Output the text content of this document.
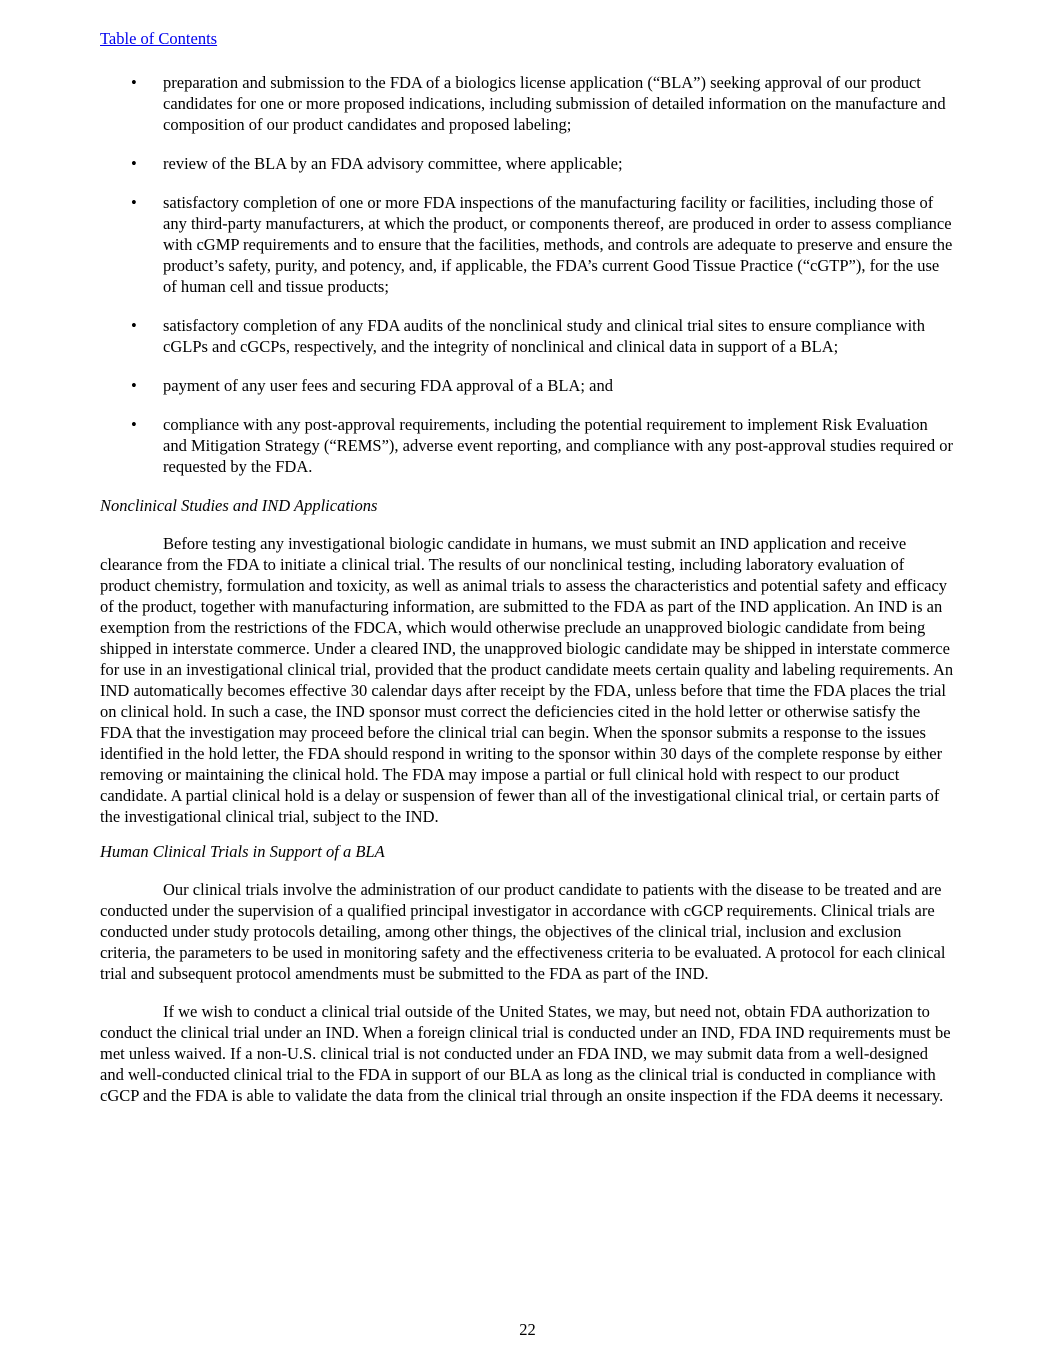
Table of Contents
•
preparation and submission to the FDA of a biologics license application (“BLA”) seeking approval of our product candidates for one or more proposed indications, including submission of detailed information on the manufacture and composition of our product candidates and proposed labeling;
•
review of the BLA by an FDA advisory committee, where applicable;
•
satisfactory completion of one or more FDA inspections of the manufacturing facility or facilities, including those of any third-party manufacturers, at which the product, or components thereof, are produced in order to assess compliance with cGMP requirements and to ensure that the facilities, methods, and controls are adequate to preserve and ensure the product’s safety, purity, and potency, and, if applicable, the FDA’s current Good Tissue Practice (“cGTP”), for the use of human cell and tissue products;
•
satisfactory completion of any FDA audits of the nonclinical study and clinical trial sites to ensure compliance with cGLPs and cGCPs, respectively, and the integrity of nonclinical and clinical data in support of a BLA;
•
payment of any user fees and securing FDA approval of a BLA; and
•
compliance with any post-approval requirements, including the potential requirement to implement Risk Evaluation and Mitigation Strategy (“REMS”), adverse event reporting, and compliance with any post-approval studies required or requested by the FDA.
Nonclinical Studies and IND Applications

Before testing any investigational biologic candidate in humans, we must submit an IND application and receive clearance from the FDA to initiate a clinical trial. The results of our nonclinical testing, including laboratory evaluation of product chemistry, formulation and toxicity, as well as animal trials to assess the characteristics and potential safety and efficacy of the product, together with manufacturing information, are submitted to the FDA as part of the IND application. An IND is an exemption from the restrictions of the FDCA, which would otherwise preclude an unapproved biologic candidate from being shipped in interstate commerce. Under a cleared IND, the unapproved biologic candidate may be shipped in interstate commerce for use in an investigational clinical trial, provided that the product candidate meets certain quality and labeling requirements. An IND automatically becomes effective 30 calendar days after receipt by the FDA, unless before that time the FDA places the trial on clinical hold. In such a case, the IND sponsor must correct the deficiencies cited in the hold letter or otherwise satisfy the FDA that the investigation may proceed before the clinical trial can begin. When the sponsor submits a response to the issues identified in the hold letter, the FDA should respond in writing to the sponsor within 30 days of the complete response by either removing or maintaining the clinical hold. The FDA may impose a partial or full clinical hold with respect to our product candidate. A partial clinical hold is a delay or suspension of fewer than all of the investigational clinical trial, or certain parts of the investigational clinical trial, subject to the IND.

Human Clinical Trials in Support of a BLA

Our clinical trials involve the administration of our product candidate to patients with the disease to be treated and are conducted under the supervision of a qualified principal investigator in accordance with cGCP requirements. Clinical trials are conducted under study protocols detailing, among other things, the objectives of the clinical trial, inclusion and exclusion criteria, the parameters to be used in monitoring safety and the effectiveness criteria to be evaluated. A protocol for each clinical trial and subsequent protocol amendments must be submitted to the FDA as part of the IND.

If we wish to conduct a clinical trial outside of the United States, we may, but need not, obtain FDA authorization to conduct the clinical trial under an IND. When a foreign clinical trial is conducted under an IND, FDA IND requirements must be met unless waived. If a non-U.S. clinical trial is not conducted under an FDA IND, we may submit data from a well-designed and well-conducted clinical trial to the FDA in support of our BLA as long as the clinical trial is conducted in compliance with cGCP and the FDA is able to validate the data from the clinical trial through an onsite inspection if the FDA deems it necessary.

22
